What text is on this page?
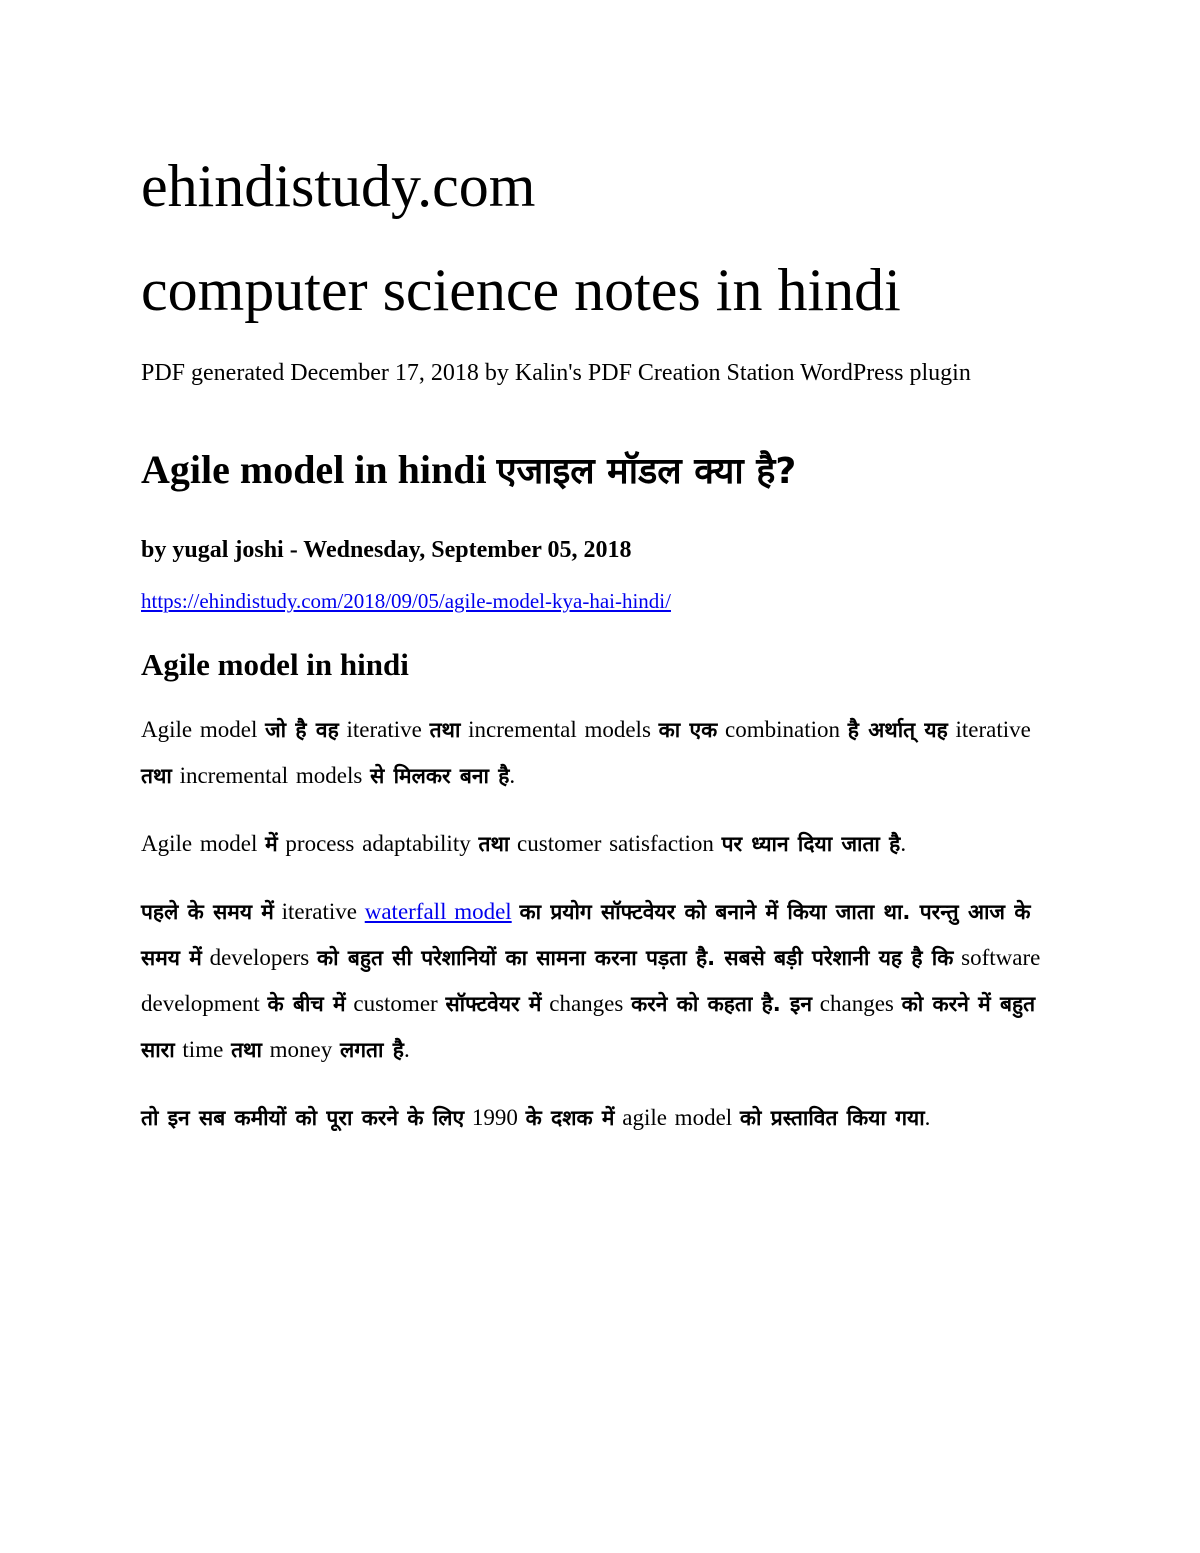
ehindistudy.com
computer science notes in hindi

PDF generated December 17, 2018 by Kalin's PDF Creation Station WordPress plugin

Agile model in hindi एजाइल मॉडल क्या है?

by yugal joshi - Wednesday, September 05, 2018

https://ehindistudy.com/2018/09/05/agile-model-kya-hai-hindi/
Agile model in hindi

Agile model जो है वह iterative तथा incremental models का एक combination है अर्थात् यह iterative तथा incremental models से मिलकर बना है.

Agile model में process adaptability तथा customer satisfaction पर ध्यान दिया जाता है.

पहले के समय में iterative waterfall model का प्रयोग सॉफ्टवेयर को बनाने में किया जाता था. परन्तु आज के समय में developers को बहुत सी परेशानियों का सामना करना पड़ता है. सबसे बड़ी परेशानी यह है कि software development के बीच में customer सॉफ्टवेयर में changes करने को कहता है. इन changes को करने में बहुत सारा time तथा money लगता है.

तो इन सब कमीयों को पूरा करने के लिए 1990 के दशक में agile model को प्रस्तावित किया गया.
